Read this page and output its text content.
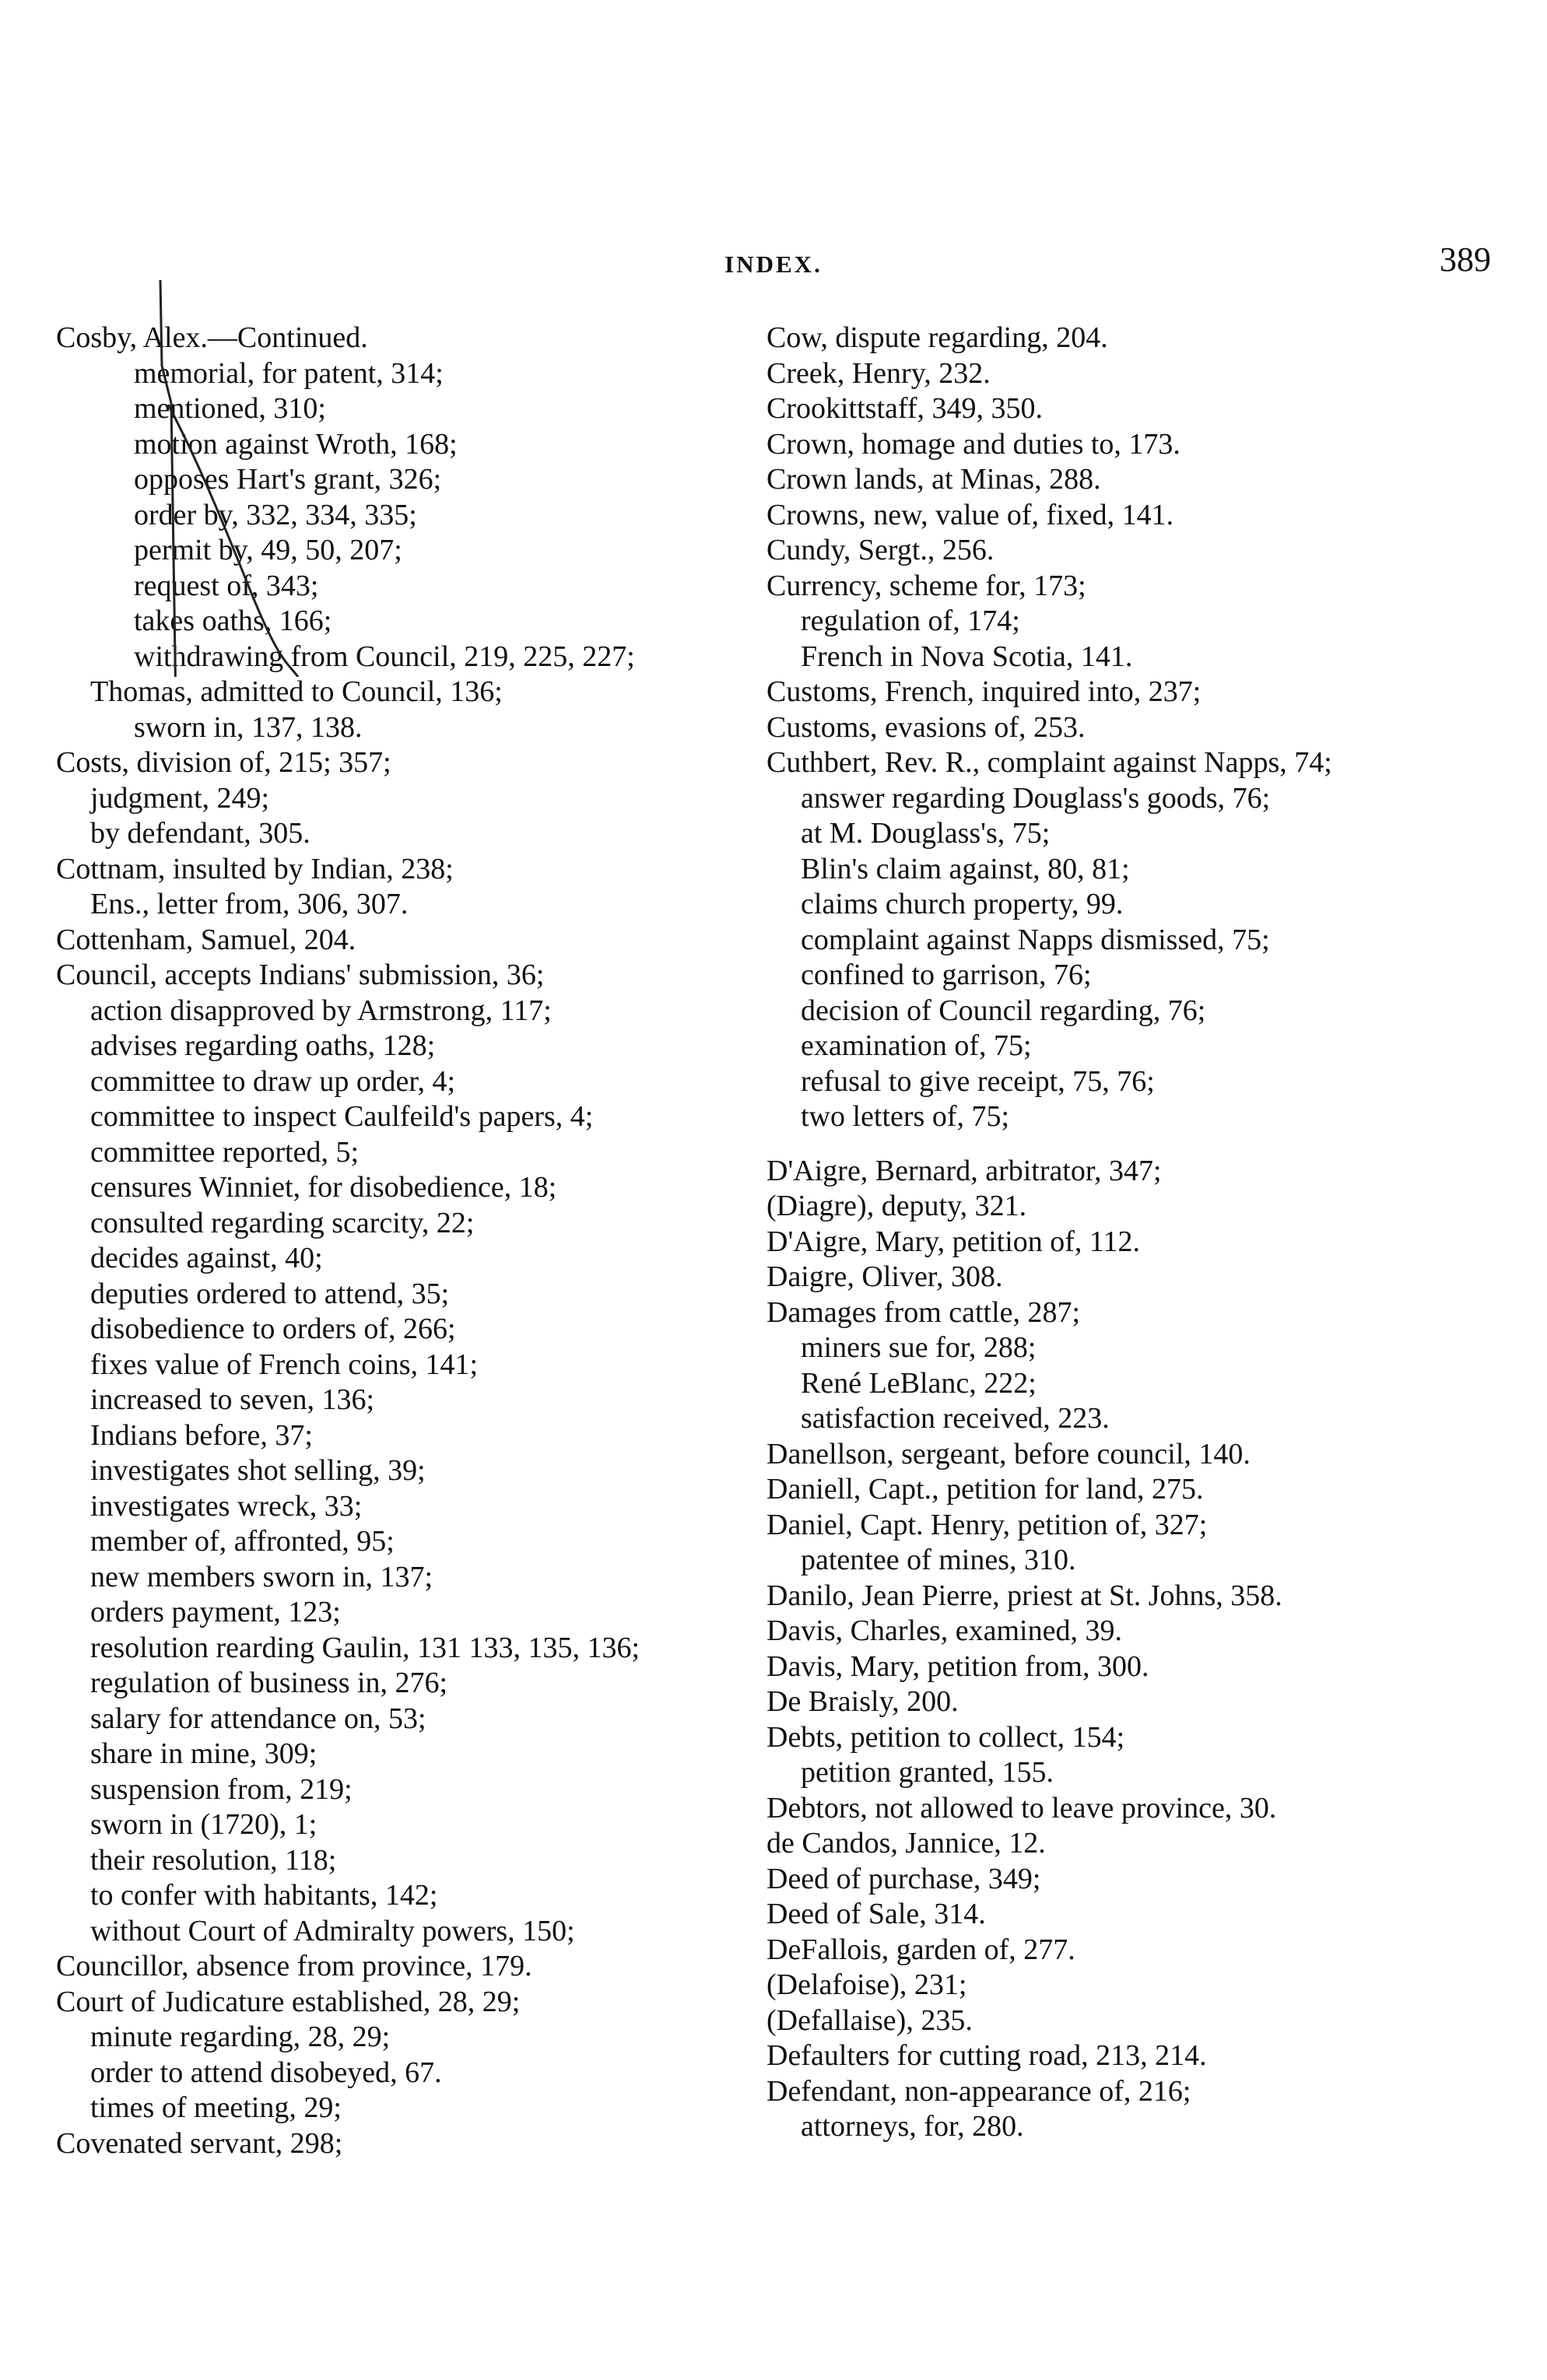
INDEX.	389
Cosby, Alex.—Continued.
memorial, for patent, 314;
mentioned, 310;
motion against Wroth, 168;
opposes Hart's grant, 326;
order by, 332, 334, 335;
permit by, 49, 50, 207;
request of, 343;
takes oaths, 166;
withdrawing from Council, 219, 225, 227;
Thomas, admitted to Council, 136;
sworn in, 137, 138.
Costs, division of, 215; 357;
judgment, 249;
by defendant, 305.
Cottnam, insulted by Indian, 238;
Ens., letter from, 306, 307.
Cottenham, Samuel, 204.
Council, accepts Indians' submission, 36;
action disapproved by Armstrong, 117;
advises regarding oaths, 128;
committee to draw up order, 4;
committee to inspect Caulfeild's papers, 4;
committee reported, 5;
censures Winniet, for disobedience, 18;
consulted regarding scarcity, 22;
decides against, 40;
deputies ordered to attend, 35;
disobedience to orders of, 266;
fixes value of French coins, 141;
increased to seven, 136;
Indians before, 37;
investigates shot selling, 39;
investigates wreck, 33;
member of, affronted, 95;
new members sworn in, 137;
orders payment, 123;
resolution rearding Gaulin, 131 133, 135, 136;
regulation of business in, 276;
salary for attendance on, 53;
share in mine, 309;
suspension from, 219;
sworn in (1720), 1;
their resolution, 118;
to confer with habitants, 142;
without Court of Admiralty powers, 150;
Councillor, absence from province, 179.
Court of Judicature established, 28, 29;
minute regarding, 28, 29;
order to attend disobeyed, 67.
times of meeting, 29;
Covenated servant, 298;
Cow, dispute regarding, 204.
Creek, Henry, 232.
Crookittstaff, 349, 350.
Crown, homage and duties to, 173.
Crown lands, at Minas, 288.
Crowns, new, value of, fixed, 141.
Cundy, Sergt., 256.
Currency, scheme for, 173;
regulation of, 174;
French in Nova Scotia, 141.
Customs, French, inquired into, 237;
Customs, evasions of, 253.
Cuthbert, Rev. R., complaint against Napps, 74;
answer regarding Douglass's goods, 76;
at M. Douglass's, 75;
Blin's claim against, 80, 81;
claims church property, 99.
complaint against Napps dismissed, 75;
confined to garrison, 76;
decision of Council regarding, 76;
examination of, 75;
refusal to give receipt, 75, 76;
two letters of, 75;
D'Aigre, Bernard, arbitrator, 347;
(Diagre), deputy, 321.
D'Aigre, Mary, petition of, 112.
Daigre, Oliver, 308.
Damages from cattle, 287;
miners sue for, 288;
René LeBlanc, 222;
satisfaction received, 223.
Danellson, sergeant, before council, 140.
Daniell, Capt., petition for land, 275.
Daniel, Capt. Henry, petition of, 327;
patentee of mines, 310.
Danilo, Jean Pierre, priest at St. Johns, 358.
Davis, Charles, examined, 39.
Davis, Mary, petition from, 300.
De Braisly, 200.
Debts, petition to collect, 154;
petition granted, 155.
Debtors, not allowed to leave province, 30.
de Candos, Jannice, 12.
Deed of purchase, 349;
Deed of Sale, 314.
DeFallois, garden of, 277.
(Delafoise), 231;
(Defallaise), 235.
Defaulters for cutting road, 213, 214.
Defendant, non-appearance of, 216;
attorneys, for, 280.
